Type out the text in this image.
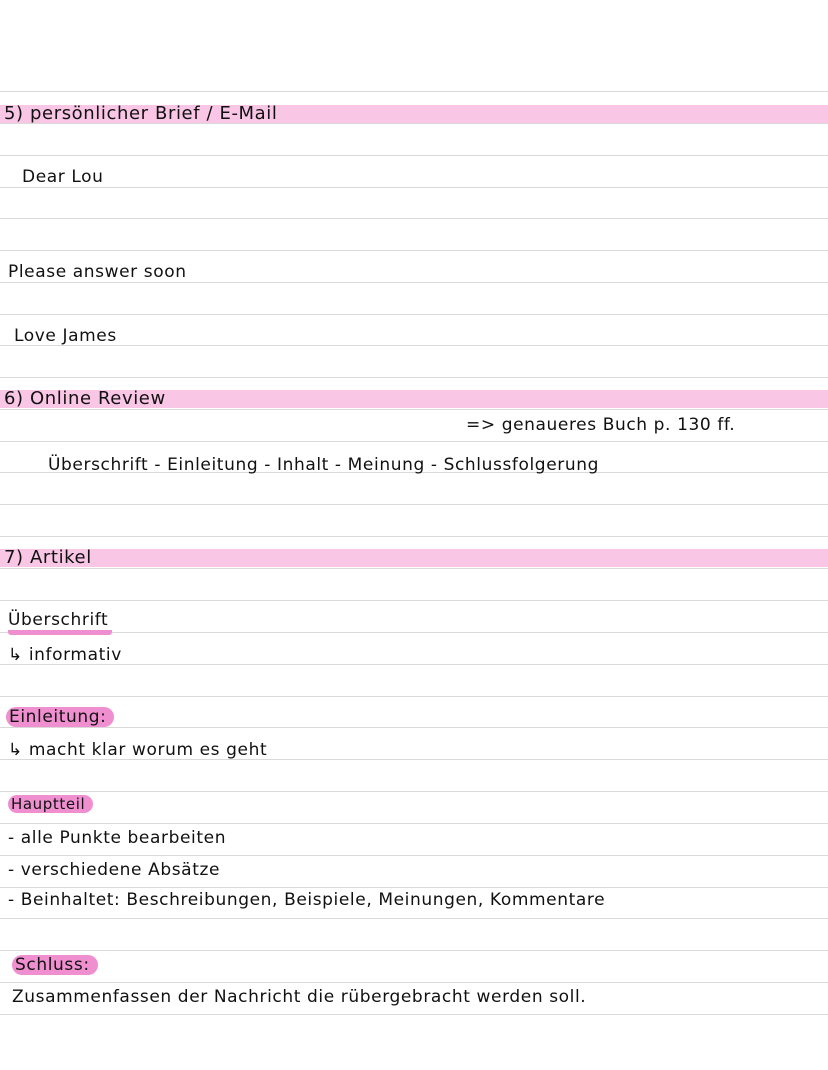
5) persönlicher Brief / E-Mail
Dear Lou
Please answer soon
Love James
6) Online Review
=> genaueres Buch p. 130 ff.
Überschrift - Einleitung - Inhalt - Meinung - Schlussfolgerung
7) Artikel
Überschrift
↳ informativ
Einleitung:
↳ macht klar worum es geht
Hauptteil
- alle Punkte bearbeiten
- verschiedene Absätze
- Beinhaltet: Beschreibungen, Beispiele, Meinungen, Kommentare
Schluss:
Zusammenfassen der Nachricht die rübergebracht werden soll.
